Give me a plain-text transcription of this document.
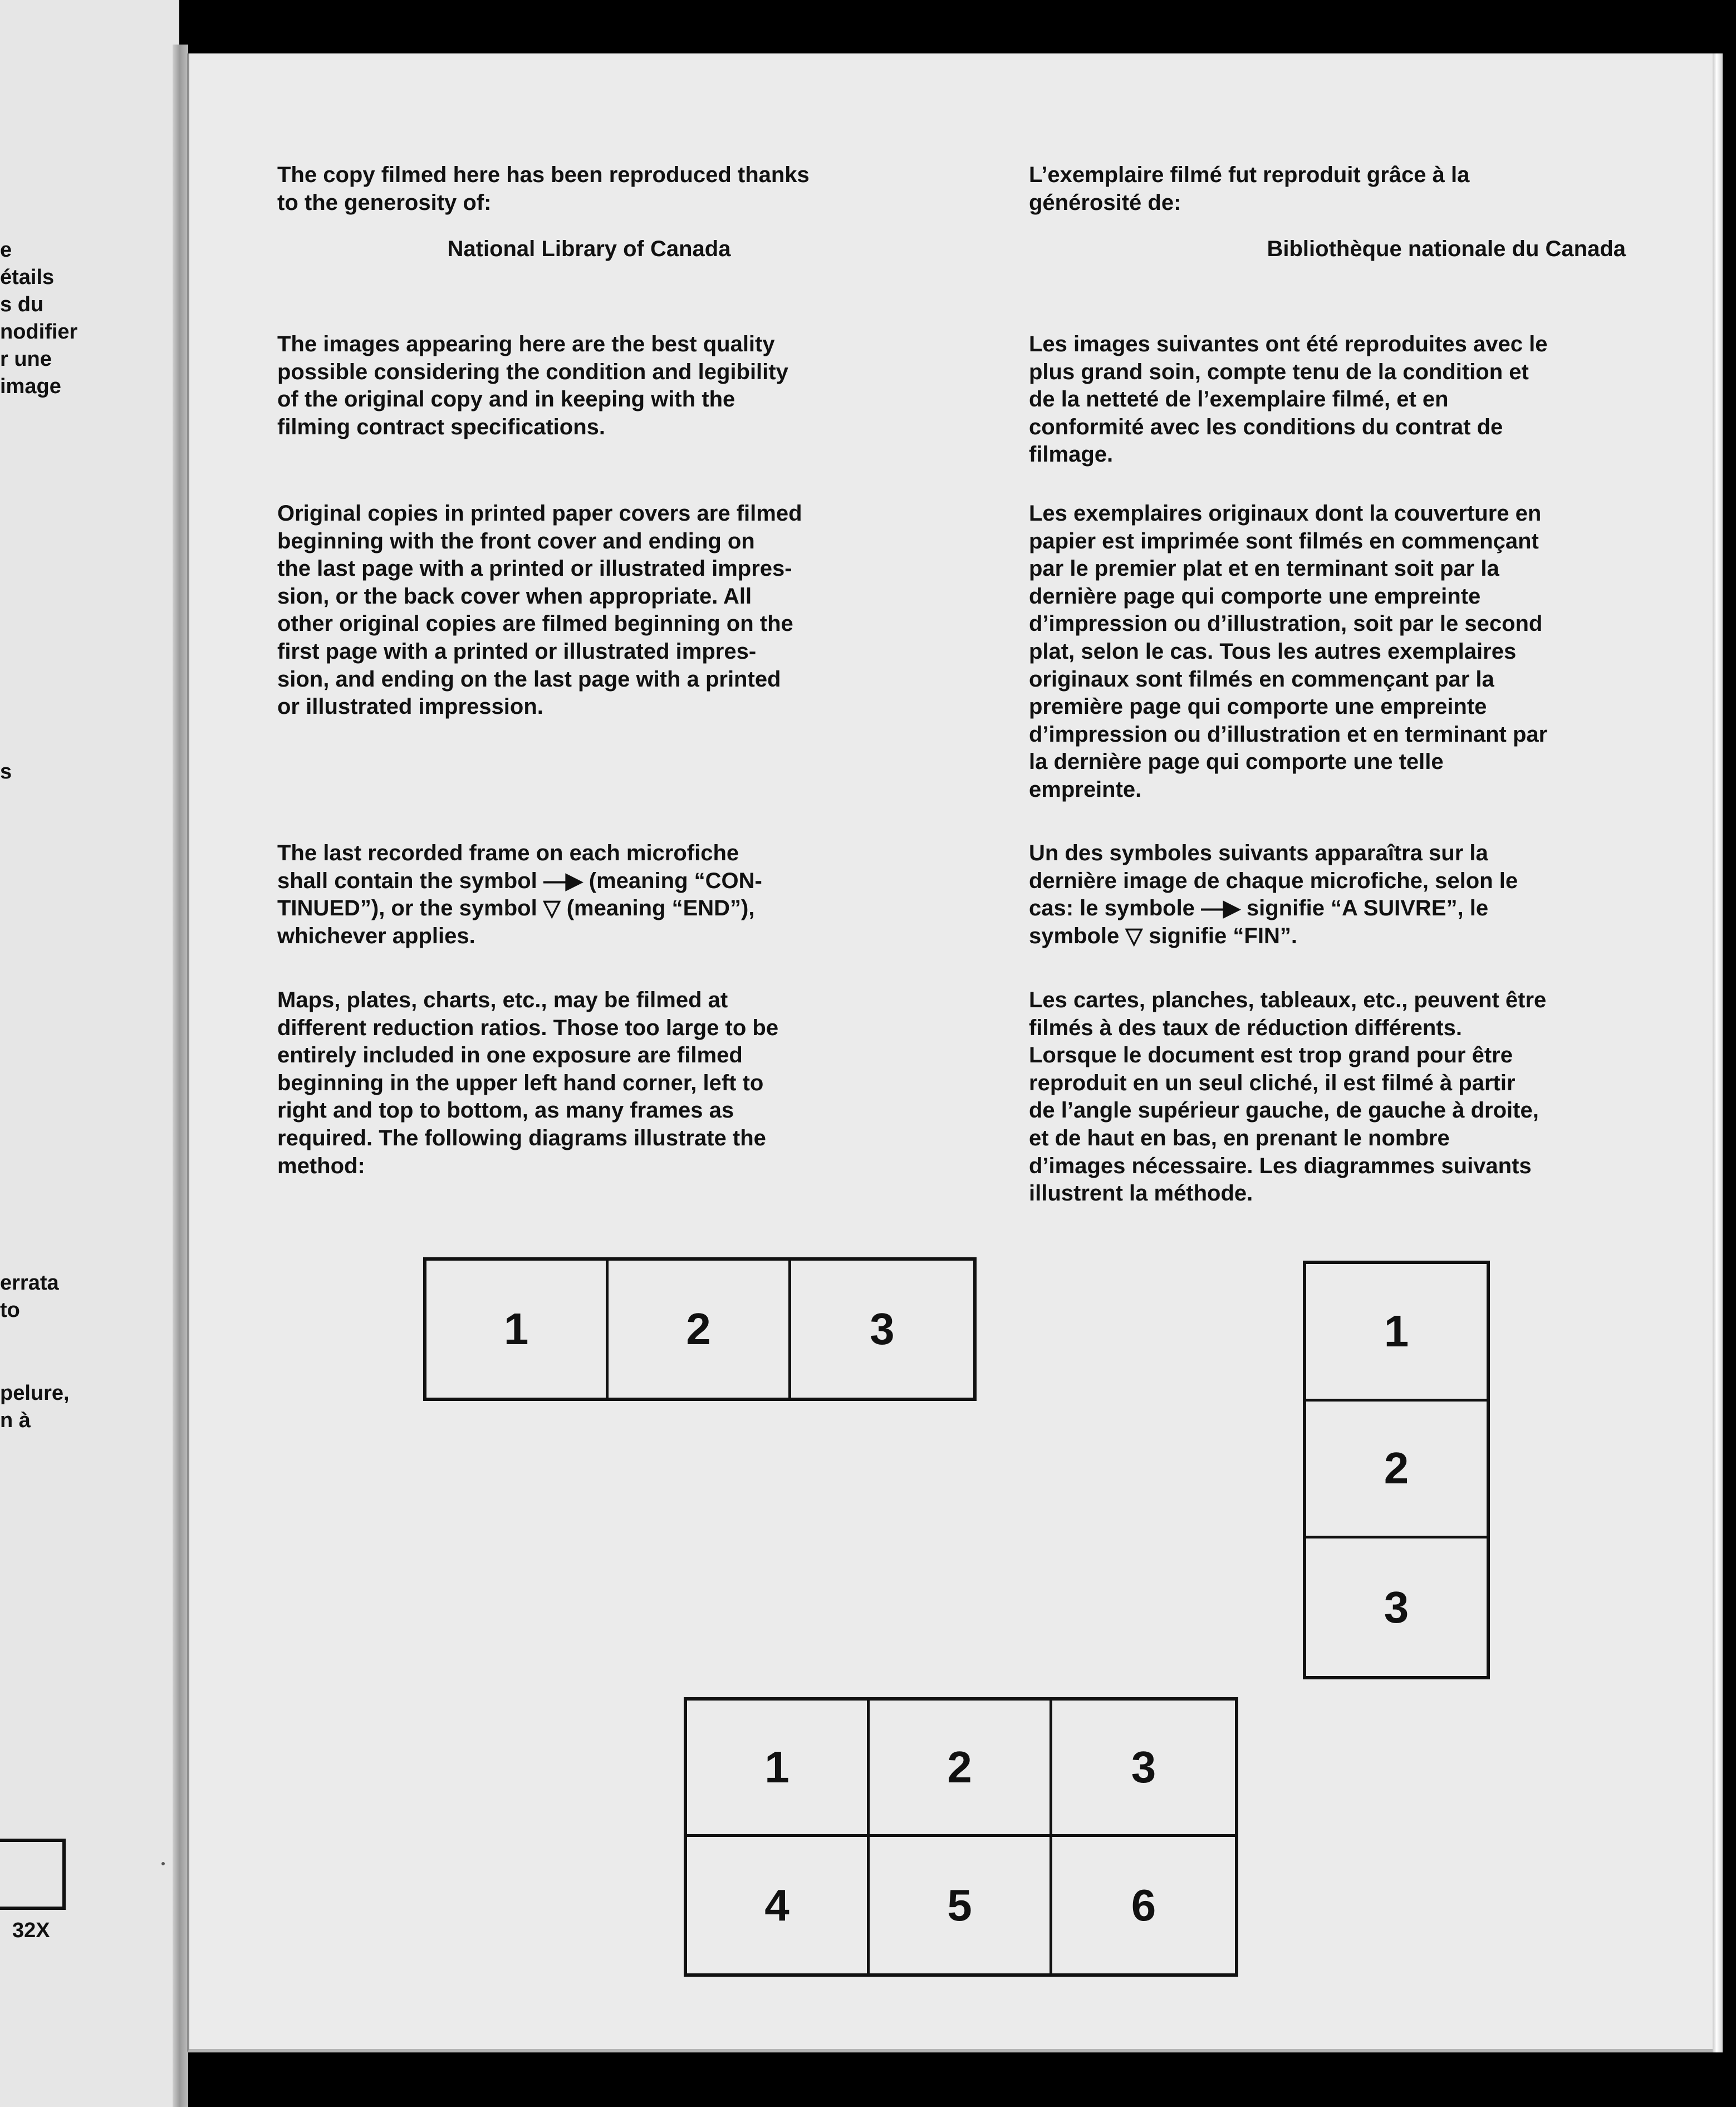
e
étails
s du
nodifier
r une
image
s
errata
to
pelure,
n à
32X

The copy filmed here has been reproduced thanks
to the generosity of:

National Library of Canada

The images appearing here are the best quality
possible considering the condition and legibility
of the original copy and in keeping with the
filming contract specifications.

Original copies in printed paper covers are filmed
beginning with the front cover and ending on
the last page with a printed or illustrated impres-
sion, or the back cover when appropriate. All
other original copies are filmed beginning on the
first page with a printed or illustrated impres-
sion, and ending on the last page with a printed
or illustrated impression.

The last recorded frame on each microfiche
shall contain the symbol —▶ (meaning “CON-
TINUED”), or the symbol ▽ (meaning “END”),
whichever applies.

Maps, plates, charts, etc., may be filmed at
different reduction ratios. Those too large to be
entirely included in one exposure are filmed
beginning in the upper left hand corner, left to
right and top to bottom, as many frames as
required. The following diagrams illustrate the
method:

L’exemplaire filmé fut reproduit grâce à la
générosité de:

Bibliothèque nationale du Canada

Les images suivantes ont été reproduites avec le
plus grand soin, compte tenu de la condition et
de la netteté de l’exemplaire filmé, et en
conformité avec les conditions du contrat de
filmage.

Les exemplaires originaux dont la couverture en
papier est imprimée sont filmés en commençant
par le premier plat et en terminant soit par la
dernière page qui comporte une empreinte
d’impression ou d’illustration, soit par le second
plat, selon le cas. Tous les autres exemplaires
originaux sont filmés en commençant par la
première page qui comporte une empreinte
d’impression ou d’illustration et en terminant par
la dernière page qui comporte une telle
empreinte.

Un des symboles suivants apparaîtra sur la
dernière image de chaque microfiche, selon le
cas: le symbole —▶ signifie “A SUIVRE”, le
symbole ▽ signifie “FIN”.

Les cartes, planches, tableaux, etc., peuvent être
filmés à des taux de réduction différents.
Lorsque le document est trop grand pour être
reproduit en un seul cliché, il est filmé à partir
de l’angle supérieur gauche, de gauche à droite,
et de haut en bas, en prenant le nombre
d’images nécessaire. Les diagrammes suivants
illustrent la méthode.

1	2	3	1
2
3
1	2	3
4	5	6
